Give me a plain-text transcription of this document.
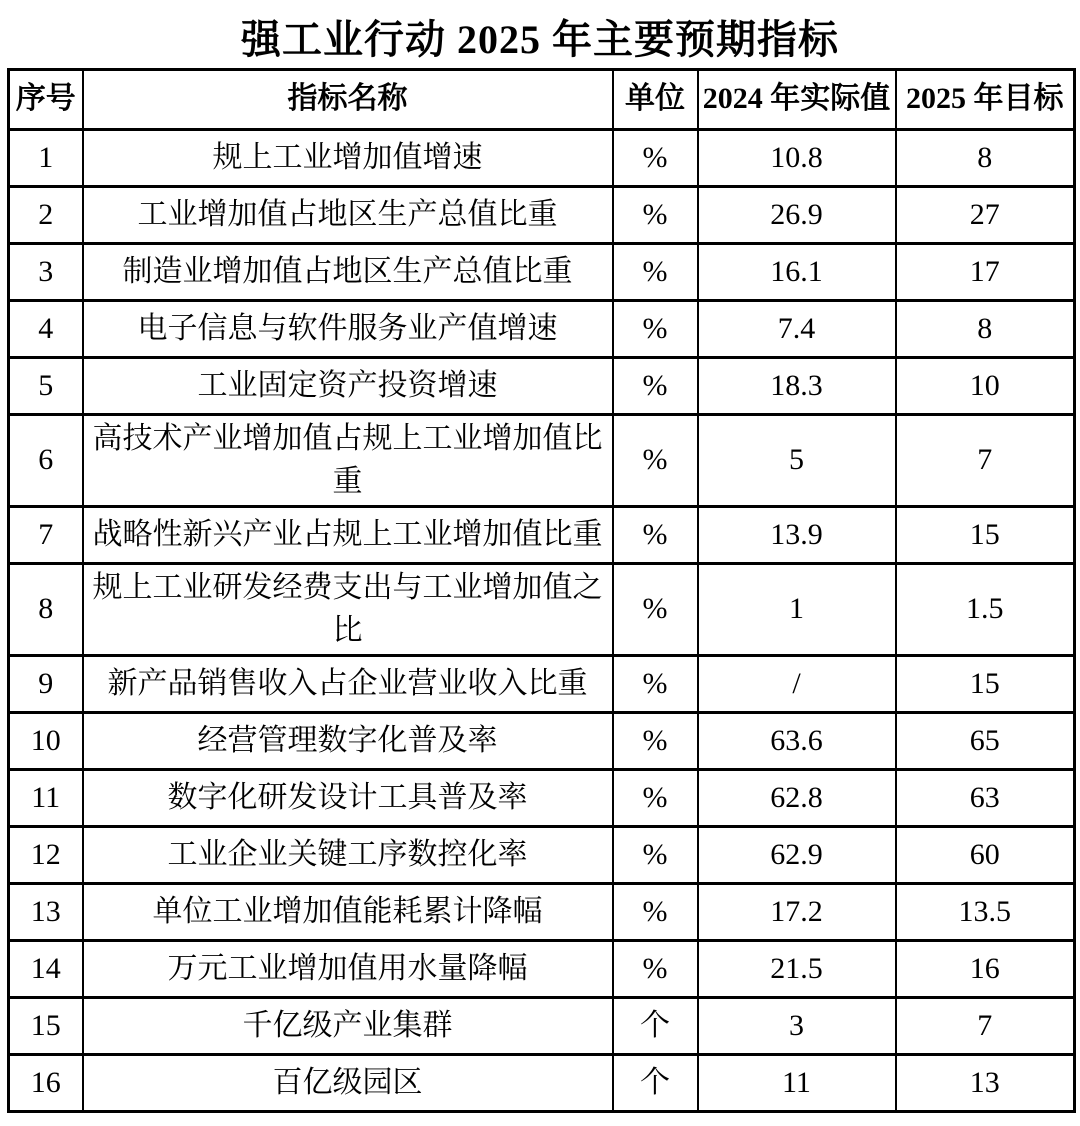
强工业行动 2025 年主要预期指标
序号	指标名称	单位	2024 年实际值	2025 年目标
1	规上工业增加值增速	%	10.8	8
2	工业增加值占地区生产总值比重	%	26.9	27
3	制造业增加值占地区生产总值比重	%	16.1	17
4	电子信息与软件服务业产值增速	%	7.4	8
5	工业固定资产投资增速	%	18.3	10
6	高技术产业增加值占规上工业增加值比重	%	5	7
7	战略性新兴产业占规上工业增加值比重	%	13.9	15
8	规上工业研发经费支出与工业增加值之比	%	1	1.5
9	新产品销售收入占企业营业收入比重	%	/	15
10	经营管理数字化普及率	%	63.6	65
11	数字化研发设计工具普及率	%	62.8	63
12	工业企业关键工序数控化率	%	62.9	60
13	单位工业增加值能耗累计降幅	%	17.2	13.5
14	万元工业增加值用水量降幅	%	21.5	16
15	千亿级产业集群	个	3	7
16	百亿级园区	个	11	13
